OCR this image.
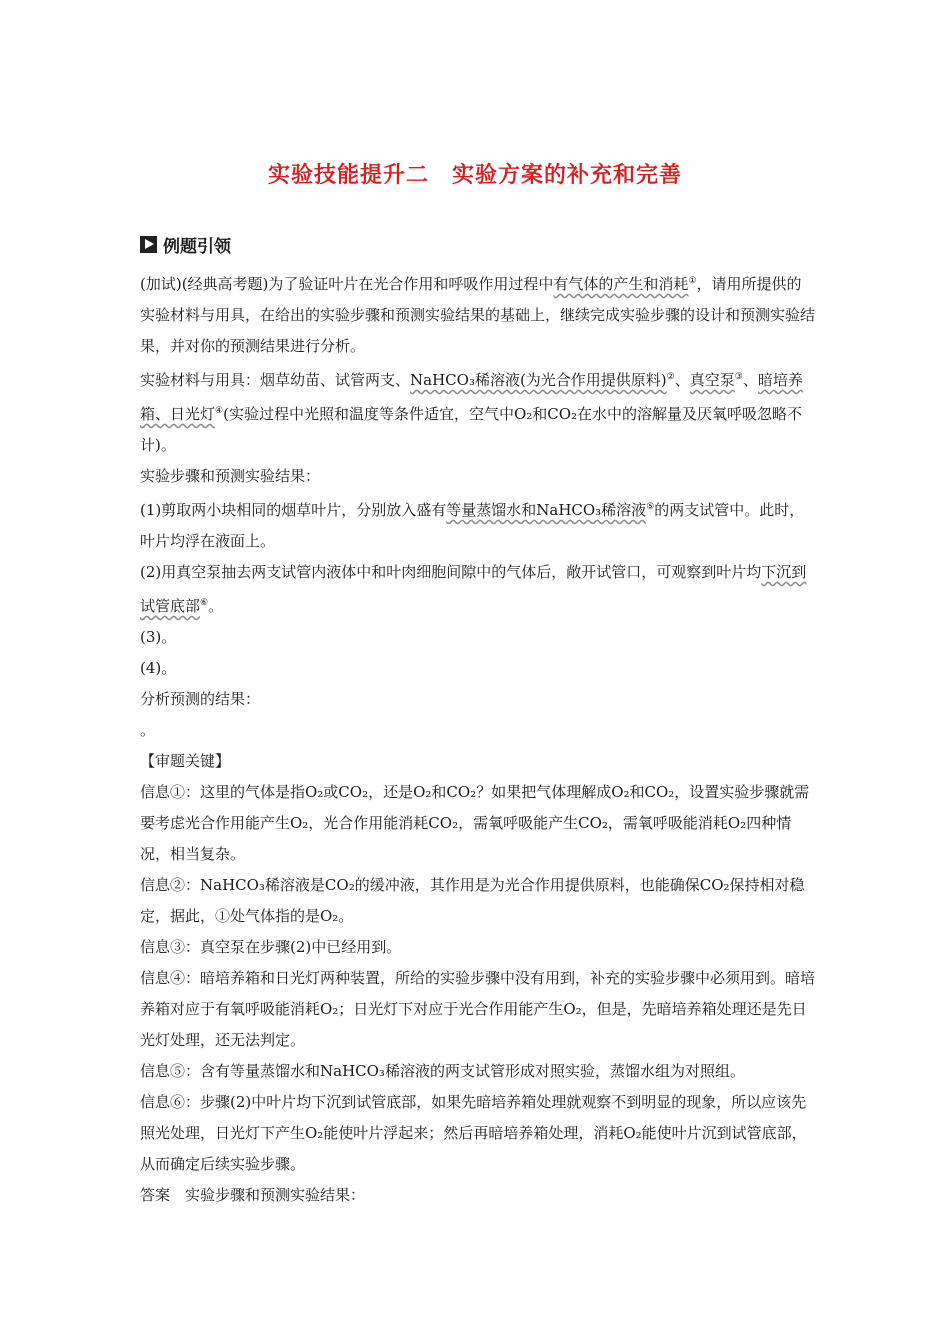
实验技能提升二　实验方案的补充和完善
例题引领

(加试)(经典高考题)为了验证叶片在光合作用和呼吸作用过程中有气体的产生和消耗①，请用所提供的实验材料与用具，在给出的实验步骤和预测实验结果的基础上，继续完成实验步骤的设计和预测实验结果，并对你的预测结果进行分析。

实验材料与用具：烟草幼苗、试管两支、NaHCO₃稀溶液(为光合作用提供原料)②、真空泵③、暗培养箱、日光灯④(实验过程中光照和温度等条件适宜，空气中O₂和CO₂在水中的溶解量及厌氧呼吸忽略不计)。

实验步骤和预测实验结果：

(1)剪取两小块相同的烟草叶片，分别放入盛有等量蒸馏水和NaHCO₃稀溶液⑤的两支试管中。此时，叶片均浮在液面上。

(2)用真空泵抽去两支试管内液体中和叶肉细胞间隙中的气体后，敞开试管口，可观察到叶片均下沉到试管底部⑥。

(3)。

(4)。

分析预测的结果：

。

【审题关键】

信息①：这里的气体是指O₂或CO₂，还是O₂和CO₂？如果把气体理解成O₂和CO₂，设置实验步骤就需要考虑光合作用能产生O₂，光合作用能消耗CO₂，需氧呼吸能产生CO₂，需氧呼吸能消耗O₂四种情况，相当复杂。

信息②：NaHCO₃稀溶液是CO₂的缓冲液，其作用是为光合作用提供原料，也能确保CO₂保持相对稳定，据此，①处气体指的是O₂。

信息③：真空泵在步骤(2)中已经用到。

信息④：暗培养箱和日光灯两种装置，所给的实验步骤中没有用到，补充的实验步骤中必须用到。暗培养箱对应于有氧呼吸能消耗O₂；日光灯下对应于光合作用能产生O₂，但是，先暗培养箱处理还是先日光灯处理，还无法判定。

信息⑤：含有等量蒸馏水和NaHCO₃稀溶液的两支试管形成对照实验，蒸馏水组为对照组。

信息⑥：步骤(2)中叶片均下沉到试管底部，如果先暗培养箱处理就观察不到明显的现象，所以应该先照光处理，日光灯下产生O₂能使叶片浮起来；然后再暗培养箱处理，消耗O₂能使叶片沉到试管底部，从而确定后续实验步骤。

答案　实验步骤和预测实验结果：
